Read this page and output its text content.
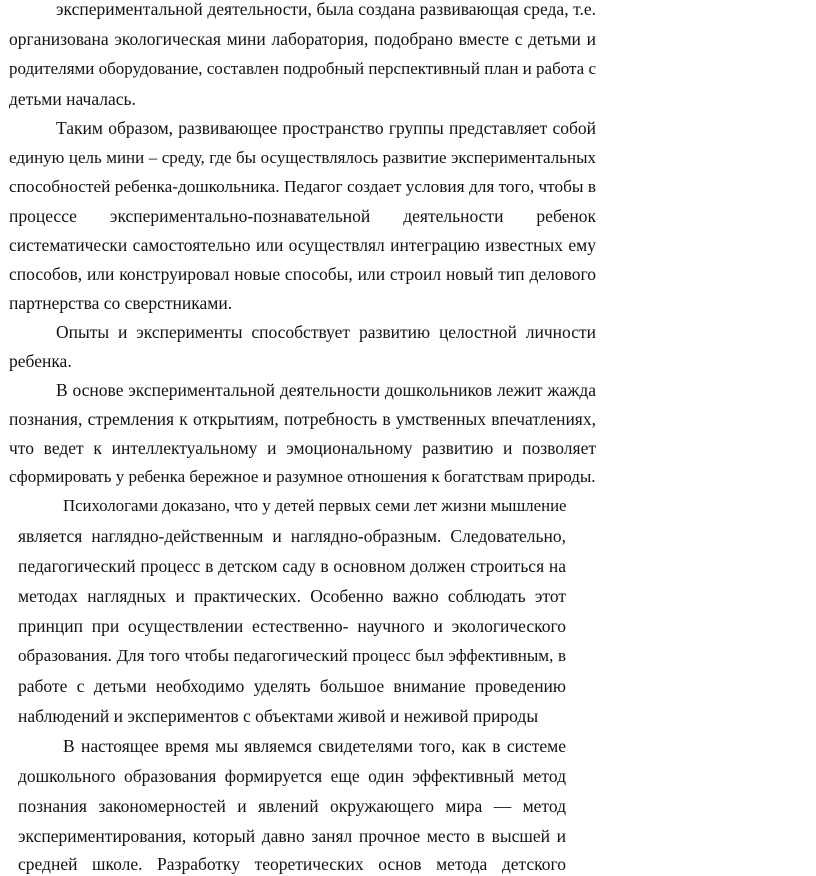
экспериментальной деятельности, была создана развивающая среда, т.е.
организована экологическая мини лаборатория, подобрано вместе с детьми и
родителями оборудование, составлен подробный перспективный план и работа с
детьми началась.
Таким образом, развивающее пространство группы представляет собой
единую цель мини – среду, где бы осуществлялось развитие экспериментальных
способностей ребенка-дошкольника. Педагог создает условия для того, чтобы в
процессе экспериментально-познавательной деятельности ребенок
систематически самостоятельно или осуществлял интеграцию известных ему
способов, или конструировал новые способы, или строил новый тип делового
партнерства со сверстниками.
Опыты и эксперименты способствует развитию целостной личности
ребенка.
В основе экспериментальной деятельности дошкольников лежит жажда
познания, стремления к открытиям, потребность в умственных впечатлениях,
что ведет к интеллектуальному и эмоциональному развитию и позволяет
сформировать у ребенка бережное и разумное отношения к богатствам природы.
Психологами доказано, что у детей первых семи лет жизни мышление
является наглядно-действенным и наглядно-образным. Следовательно,
педагогический процесс в детском саду в основном должен строиться на
методах наглядных и практических. Особенно важно соблюдать этот
принцип при осуществлении естественно- научного и экологического
образования. Для того чтобы педагогический процесс был эффективным, в
работе с детьми необходимо уделять большое внимание проведению
наблюдений и экспериментов с объектами живой и неживой природы
В настоящее время мы являемся свидетелями того, как в системе
дошкольного образования формируется еще один эффективный метод
познания закономерностей и явлений окружающего мира — метод
экспериментирования, который давно занял прочное место в высшей и
средней школе. Разработку теоретических основ метода детского
